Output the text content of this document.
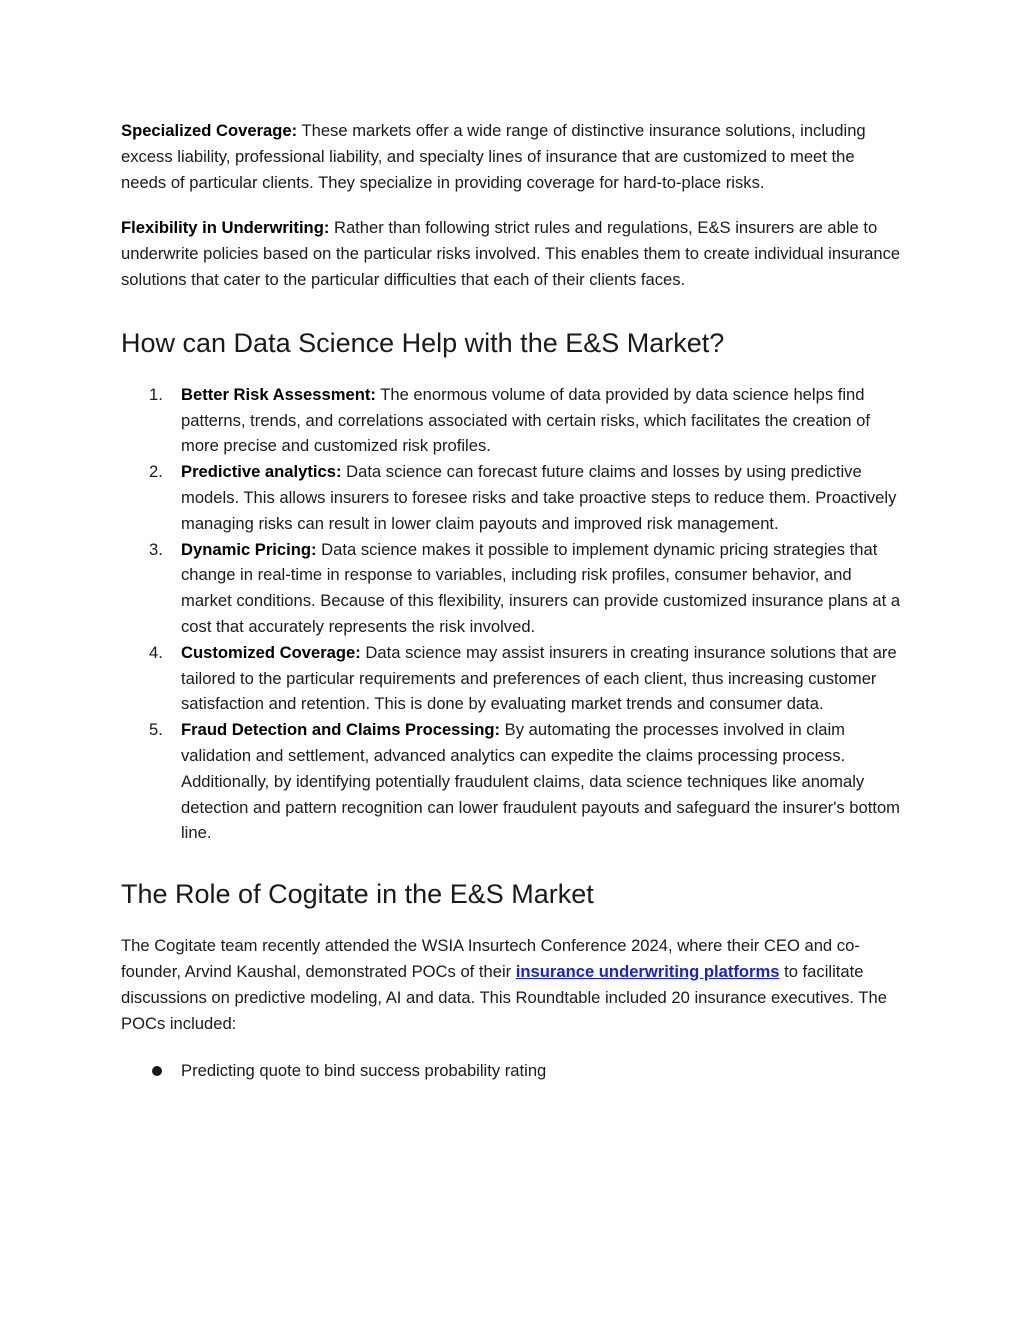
Specialized Coverage: These markets offer a wide range of distinctive insurance solutions, including excess liability, professional liability, and specialty lines of insurance that are customized to meet the needs of particular clients. They specialize in providing coverage for hard-to-place risks.

Flexibility in Underwriting: Rather than following strict rules and regulations, E&S insurers are able to underwrite policies based on the particular risks involved. This enables them to create individual insurance solutions that cater to the particular difficulties that each of their clients faces.

How can Data Science Help with the E&S Market?
1. Better Risk Assessment: The enormous volume of data provided by data science helps find patterns, trends, and correlations associated with certain risks, which facilitates the creation of more precise and customized risk profiles.
2. Predictive analytics: Data science can forecast future claims and losses by using predictive models. This allows insurers to foresee risks and take proactive steps to reduce them. Proactively managing risks can result in lower claim payouts and improved risk management.
3. Dynamic Pricing: Data science makes it possible to implement dynamic pricing strategies that change in real-time in response to variables, including risk profiles, consumer behavior, and market conditions. Because of this flexibility, insurers can provide customized insurance plans at a cost that accurately represents the risk involved.
4. Customized Coverage: Data science may assist insurers in creating insurance solutions that are tailored to the particular requirements and preferences of each client, thus increasing customer satisfaction and retention. This is done by evaluating market trends and consumer data.
5. Fraud Detection and Claims Processing: By automating the processes involved in claim validation and settlement, advanced analytics can expedite the claims processing process. Additionally, by identifying potentially fraudulent claims, data science techniques like anomaly detection and pattern recognition can lower fraudulent payouts and safeguard the insurer's bottom line.
The Role of Cogitate in the E&S Market

The Cogitate team recently attended the WSIA Insurtech Conference 2024, where their CEO and co-founder, Arvind Kaushal, demonstrated POCs of their insurance underwriting platforms to facilitate discussions on predictive modeling, AI and data. This Roundtable included 20 insurance executives. The POCs included:

Predicting quote to bind success probability rating
